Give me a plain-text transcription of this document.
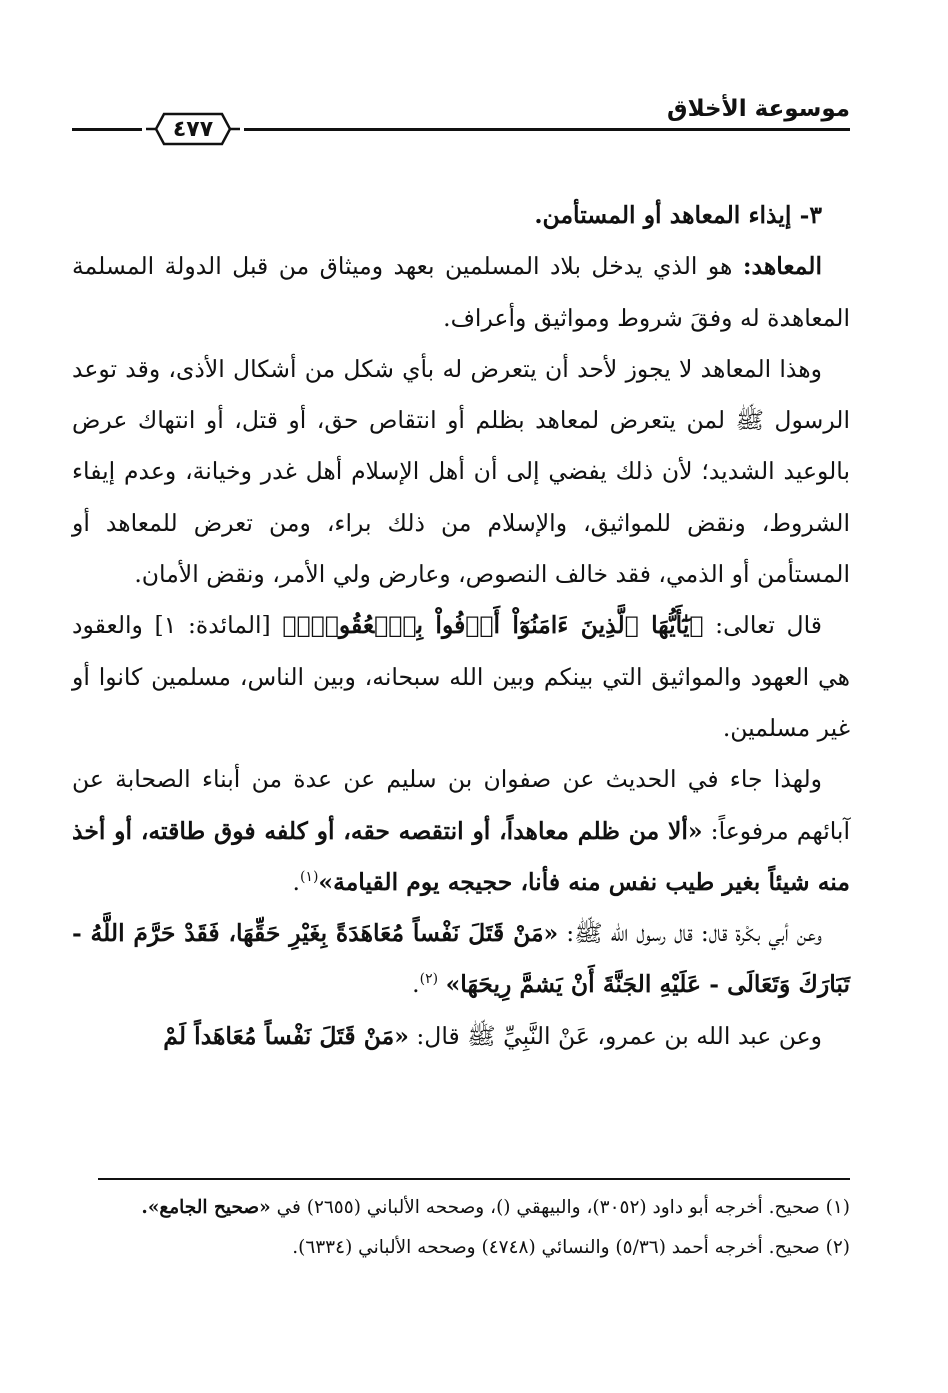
موسوعة الأخلاق
٤٧٧

٣- إيذاء المعاهد أو المستأمن.

المعاهد: هو الذي يدخل بلاد المسلمين بعهد وميثاق من قبل الدولة المسلمة المعاهدة له وفقَ شروط ومواثيق وأعراف.

وهذا المعاهد لا يجوز لأحد أن يتعرض له بأي شكل من أشكال الأذى، وقد توعد الرسول ﷺ لمن يتعرض لمعاهد بظلم أو انتقاص حق، أو قتل، أو انتهاك عرض بالوعيد الشديد؛ لأن ذلك يفضي إلى أن أهل الإسلام أهل غدر وخيانة، وعدم إيفاء الشروط، ونقض للمواثيق، والإسلام من ذلك براء، ومن تعرض للمعاهد أو المستأمن أو الذمي، فقد خالف النصوص، وعارض ولي الأمر، ونقض الأمان.

قال تعالى: ﴿يَٰٓأَيُّهَا ٱلَّذِينَ ءَامَنُوٓاْ أَوۡفُواْ بِٱلۡعُقُودِۚ﴾ [المائدة: ١] والعقود هي العهود والمواثيق التي بينكم وبين الله سبحانه، وبين الناس، مسلمين كانوا أو غير مسلمين.

ولهذا جاء في الحديث عن صفوان بن سليم عن عدة من أبناء الصحابة عن آبائهم مرفوعاً: «ألا من ظلم معاهداً، أو انتقصه حقه، أو كلفه فوق طاقته، أو أخذ منه شيئاً بغير طيب نفس منه فأنا، حجيجه يوم القيامة»$^{(١)}$.

وعن أبي بكْرة قال: قال رسول الله ﷺ: «مَنْ قَتَلَ نَفْساً مُعَاهَدَةً بِغَيْرِ حَقِّهَا، فَقَدْ حَرَّمَ اللَّهُ - تَبَارَكَ وَتَعَالَى - عَلَيْهِ الجَنَّةَ أَنْ يَشمَّ رِيحَهَا» $^{(٢)}$.

وعن عبد الله بن عمرو، عَنْ النَّبِيِّ ﷺ قال: «مَنْ قَتَلَ نَفْساً مُعَاهَداً لَمْ

(١) صحيح. أخرجه أبو داود (٣٠٥٢)، والبيهقي ()، وصححه الألباني (٢٦٥٥) في «صحيح الجامع».

(٢) صحيح. أخرجه أحمد (٥/٣٦) والنسائي (٤٧٤٨) وصححه الألباني (٦٣٣٤).
